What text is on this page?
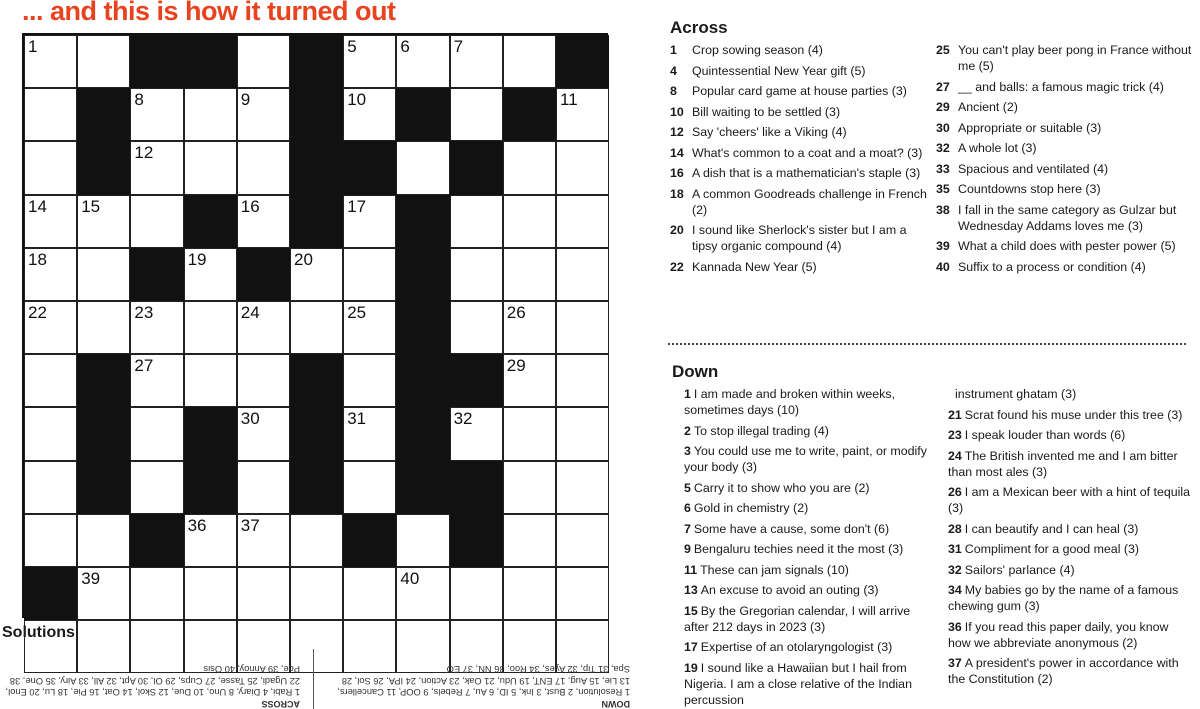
... and this is how it turned out
1	5	6	7
8	9	10	11
12
14 15	16	17
18	19	20
22	23	24	25	26
27	29
30	31	32
36 37
39	40
Solutions
DOWN
1 Resolution, 2 Bust, 3 Ink, 5 ID, 6 Au, 7 Rebels, 9 OOP, 11 Cancellers, 13 Lie, 15 Aug, 17 ENT, 19 Udu, 21 Oak, 23 Action, 24 IPA, 26 Sol, 28 Spa, 31 Tip, 32 Ayes, 34 Roo, 36 NN, 37 EO
ACROSS
1 Rabi, 4 Diary, 8 Uno, 10 Due, 12 Skol, 14 Oat, 16 Pie, 18 Lu, 20 Enol, 22 Ugadi, 25 Tasse, 27 Cups, 29 Ol, 30 Apt, 32 All, 33 Airy, 35 One, 38 Poe, 39 Annoy, 40 Osis
Across
1 Crop sowing season (4)
4 Quintessential New Year gift (5)
8 Popular card game at house parties (3)
10 Bill waiting to be settled (3)
12 Say 'cheers' like a Viking (4)
14 What's common to a coat and a moat? (3)
16 A dish that is a mathematician's staple (3)
18 A common Goodreads challenge in French (2)
20 I sound like Sherlock's sister but I am a tipsy organic compound (4)
22 Kannada New Year (5)
25 You can't play beer pong in France without me (5)
27 __ and balls: a famous magic trick (4)
29 Ancient (2)
30 Appropriate or suitable (3)
32 A whole lot (3)
33 Spacious and ventilated (4)
35 Countdowns stop here (3)
38 I fall in the same category as Gulzar but Wednesday Addams loves me (3)
39 What a child does with pester power (5)
40 Suffix to a process or condition (4)
Down
1 I am made and broken within weeks, sometimes days (10)
2 To stop illegal trading (4)
3 You could use me to write, paint, or modify your body (3)
5 Carry it to show who you are (2)
6 Gold in chemistry (2)
7 Some have a cause, some don't (6)
9 Bengaluru techies need it the most (3)
11 These can jam signals (10)
13 An excuse to avoid an outing (3)
15 By the Gregorian calendar, I will arrive after 212 days in 2023 (3)
17 Expertise of an otolaryngologist (3)
19 I sound like a Hawaiian but I hail from Nigeria. I am a close relative of the Indian percussion
instrument ghatam (3)
21 Scrat found his muse under this tree (3)
23 I speak louder than words (6)
24 The British invented me and I am bitter than most ales (3)
26 I am a Mexican beer with a hint of tequila (3)
28 I can beautify and I can heal (3)
31 Compliment for a good meal (3)
32 Sailors' parlance (4)
34 My babies go by the name of a famous chewing gum (3)
36 If you read this paper daily, you know how we abbreviate anonymous (2)
37 A president's power in accordance with the Constitution (2)
